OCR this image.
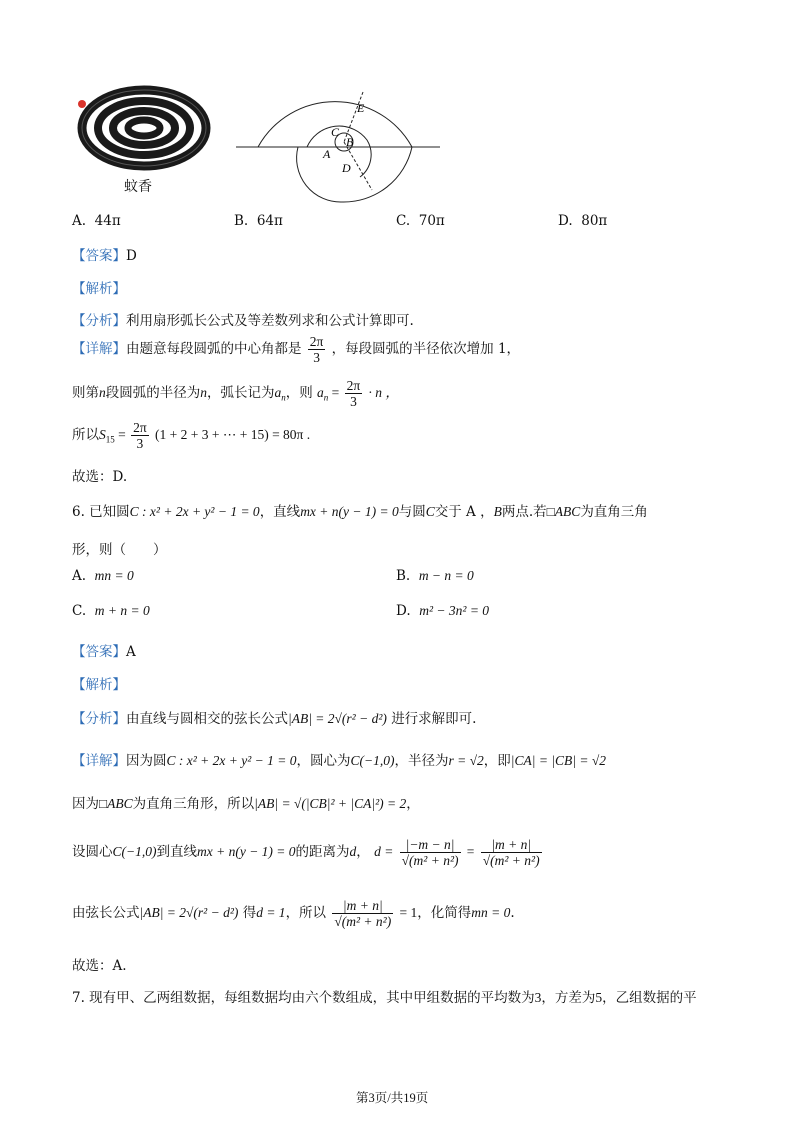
蚊香
E
C
B
A
D
A. 44π	B. 64π	C. 70π	D. 80π
【答案】D
【解析】
【分析】利用扇形弧长公式及等差数列求和公式计算即可.
【详解】由题意每段圆弧的中心角都是 $\frac{2\pi}{3}$ ，每段圆弧的半径依次增加 1，
则第n段圆弧的半径为n，弧长记为$a_n$，则 $a_n = \frac{2\pi}{3} \cdot n$ ，
所以$S_{15} = \frac{2\pi}{3} (1 + 2 + 3$ + ⋯ + 15) = 80π .
故选：D.
6. 已知圆C : x² + 2x + y² − 1 = 0，直线mx + n(y − 1) = 0与圆C交于 A ，B两点.若□ABC为直角三角
形，则（　　）
A. mn = 0	B. m − n = 0
C. m + n = 0	D. m² − 3n² = 0
【答案】A
【解析】
【分析】由直线与圆相交的弦长公式|AB| = 2√(r² − d²) 进行求解即可.
【详解】因为圆C : x² + 2x + y² − 1 = 0，圆心为C(−1,0)，半径为r = √2，即|CA| = |CB| = √2
因为□ABC为直角三角形，所以|AB| = √(|CB|² + |CA|²) = 2，
设圆心C(−1,0)到直线mx + n(y − 1) = 0的距离为d， $d = \frac{|-m - n|}{\text{√(m² + n²)}} = \frac{|m + n|}{\text{√(m² + n²)}}$
由弦长公式|AB| = 2√(r² − d²) 得d = 1，所以 $\frac{|m + n|}{\text{√(m² + n²)}} = 1$，化简得mn = 0.
故选：A.
7. 现有甲、乙两组数据，每组数据均由六个数组成，其中甲组数据的平均数为3，方差为5，乙组数据的平
第3页/共19页
